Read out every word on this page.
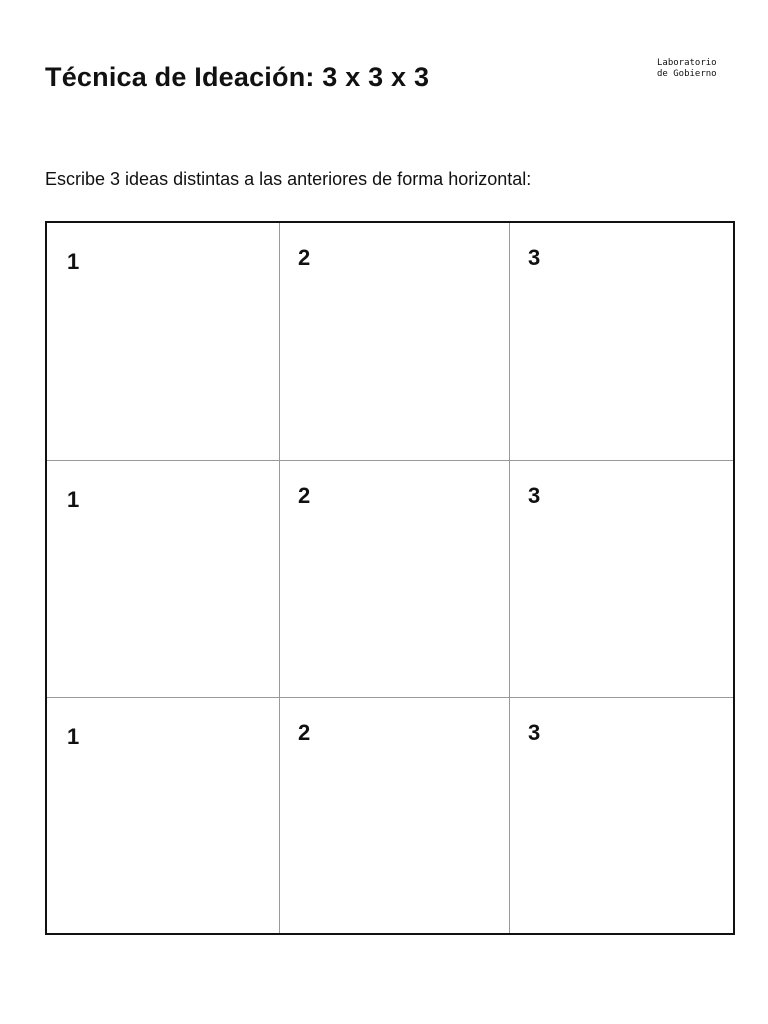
Técnica de Ideación: 3 x 3 x 3	Laboratorio
de Gobierno

Escribe 3 ideas distintas a las anteriores de forma horizontal:

1	2	3
1	2	3
1	2	3
